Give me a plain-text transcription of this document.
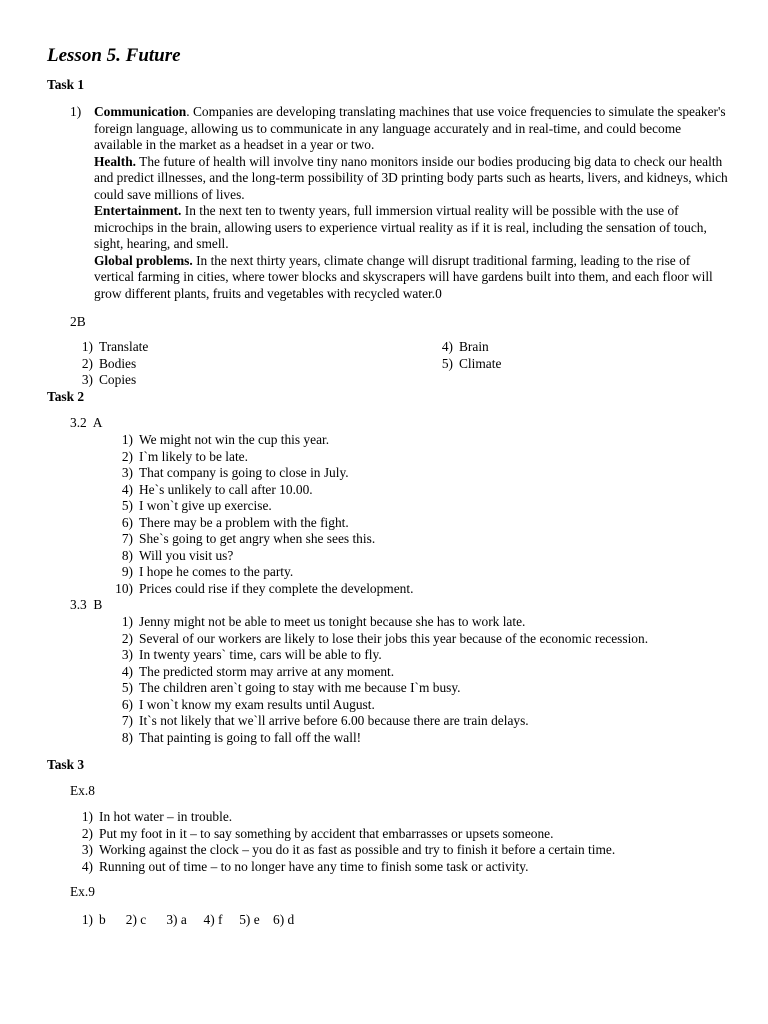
Lesson 5. Future
Task 1
1) Communication. Companies are developing translating machines that use voice frequencies to simulate the speaker's foreign language, allowing us to communicate in any language accurately and in real-time, and could become available in the market as a headset in a year or two.
Health. The future of health will involve tiny nano monitors inside our bodies producing big data to check our health and predict illnesses, and the long-term possibility of 3D printing body parts such as hearts, livers, and kidneys, which could save millions of lives.
Entertainment. In the next ten to twenty years, full immersion virtual reality will be possible with the use of microchips in the brain, allowing users to experience virtual reality as if it is real, including the sensation of touch, sight, hearing, and smell.
Global problems. In the next thirty years, climate change will disrupt traditional farming, leading to the rise of vertical farming in cities, where tower blocks and skyscrapers will have gardens built into them, and each floor will grow different plants, fruits and vegetables with recycled water.0
2B
1) Translate
2) Bodies
3) Copies
4) Brain
5) Climate
Task 2
3.2  A
1) We might not win the cup this year.
2) I`m likely to be late.
3) That company is going to close in July.
4) He`s unlikely to call after 10.00.
5) I won`t give up exercise.
6) There may be a problem with the fight.
7) She`s going to get angry when she sees this.
8) Will you visit us?
9) I hope he comes to the party.
10) Prices could rise if they complete the development.
3.3  B
1) Jenny might not be able to meet us tonight because she has to work late.
2) Several of our workers are likely to lose their jobs this year because of the economic recession.
3) In twenty years` time, cars will be able to fly.
4) The predicted storm may arrive at any moment.
5) The children aren`t going to stay with me because I`m busy.
6) I won`t know my exam results until August.
7) It`s not likely that we`ll arrive before 6.00 because there are train delays.
8) That painting is going to fall off the wall!
Task 3
Ex.8
1) In hot water – in trouble.
2) Put my foot in it – to say something by accident that embarrasses or upsets someone.
3) Working against the clock – you do it as fast as possible and try to finish it before a certain time.
4) Running out of time – to no longer have any time to finish some task or activity.
Ex.9
1) b      2) c      3) a     4) f     5) e    6) d
